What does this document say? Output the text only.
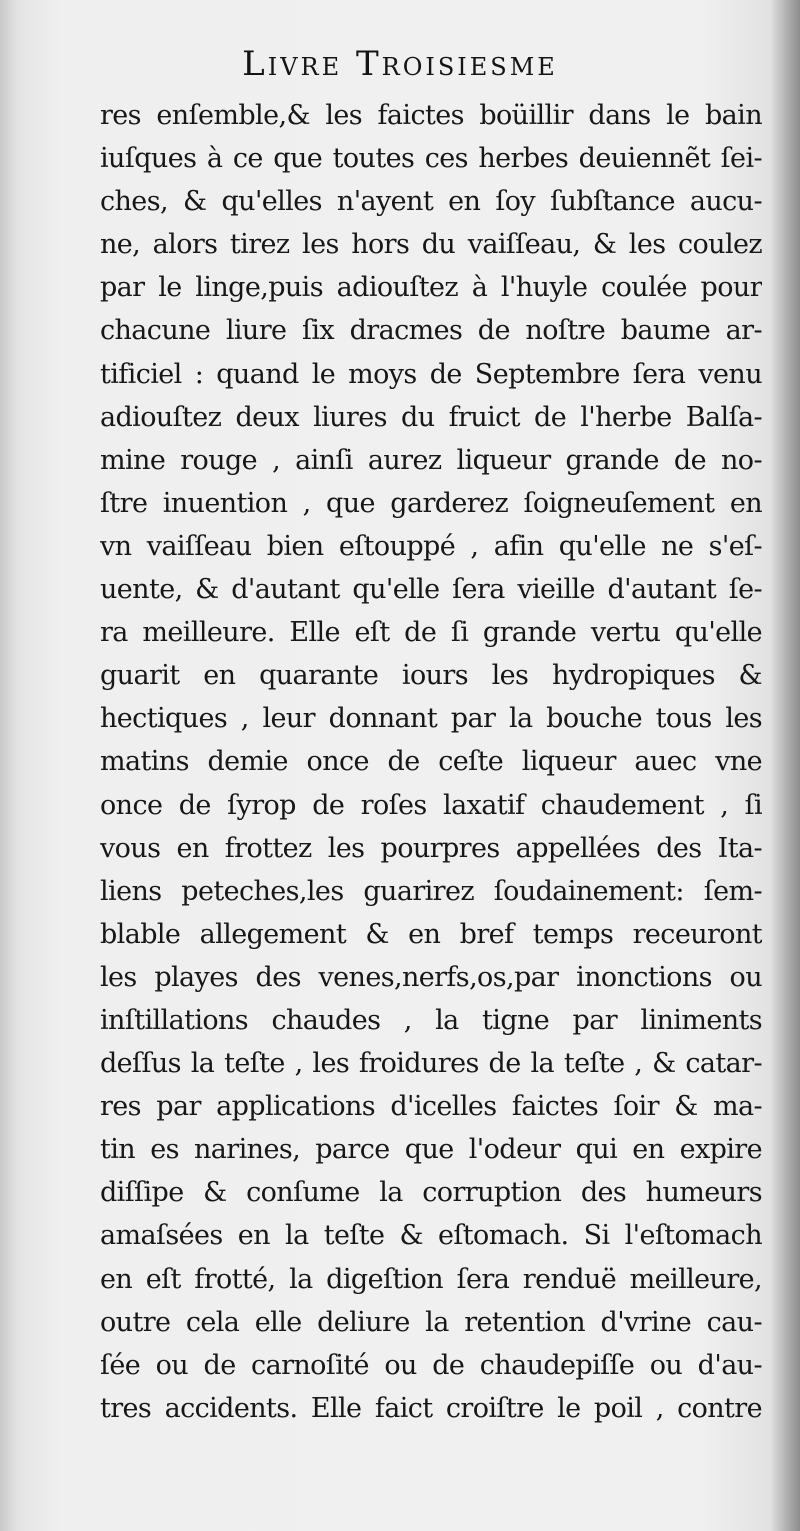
Livre Troisiesme
res enſemble,& les faictes boüillir dans le bain
iuſques à ce que toutes ces herbes deuiennẽt ſei-
ches, & qu'elles n'ayent en ſoy ſubſtance aucu-
ne, alors tirez les hors du vaiſſeau, & les coulez
par le linge,puis adiouſtez à l'huyle coulée pour
chacune liure ſix dracmes de noſtre baume ar-
tificiel : quand le moys de Septembre ſera venu
adiouſtez deux liures du fruict de l'herbe Balſa-
mine rouge , ainſi aurez liqueur grande de no-
ſtre inuention , que garderez ſoigneuſement en
vn vaiſſeau bien eſtouppé , afin qu'elle ne s'eſ-
uente, & d'autant qu'elle ſera vieille d'autant ſe-
ra meilleure. Elle eſt de ſi grande vertu qu'elle
guarit en quarante iours les hydropiques &
hectiques , leur donnant par la bouche tous les
matins demie once de ceſte liqueur auec vne
once de ſyrop de roſes laxatif chaudement , ſi
vous en frottez les pourpres appellées des Ita-
liens peteches,les guarirez ſoudainement: ſem-
blable allegement & en bref temps receuront
les playes des venes,nerfs,os,par inonctions ou
inſtillations chaudes , la tigne par liniments
deſſus la teſte , les froidures de la teſte , & catar-
res par applications d'icelles faictes ſoir & ma-
tin es narines, parce que l'odeur qui en expire
diſſipe & conſume la corruption des humeurs
amaſsées en la teſte & eſtomach. Si l'eſtomach
en eſt frotté, la digeſtion ſera renduë meilleure,
outre cela elle deliure la retention d'vrine cau-
ſée ou de carnoſité ou de chaudepiſſe ou d'au-
tres accidents. Elle faict croiſtre le poil , contre
